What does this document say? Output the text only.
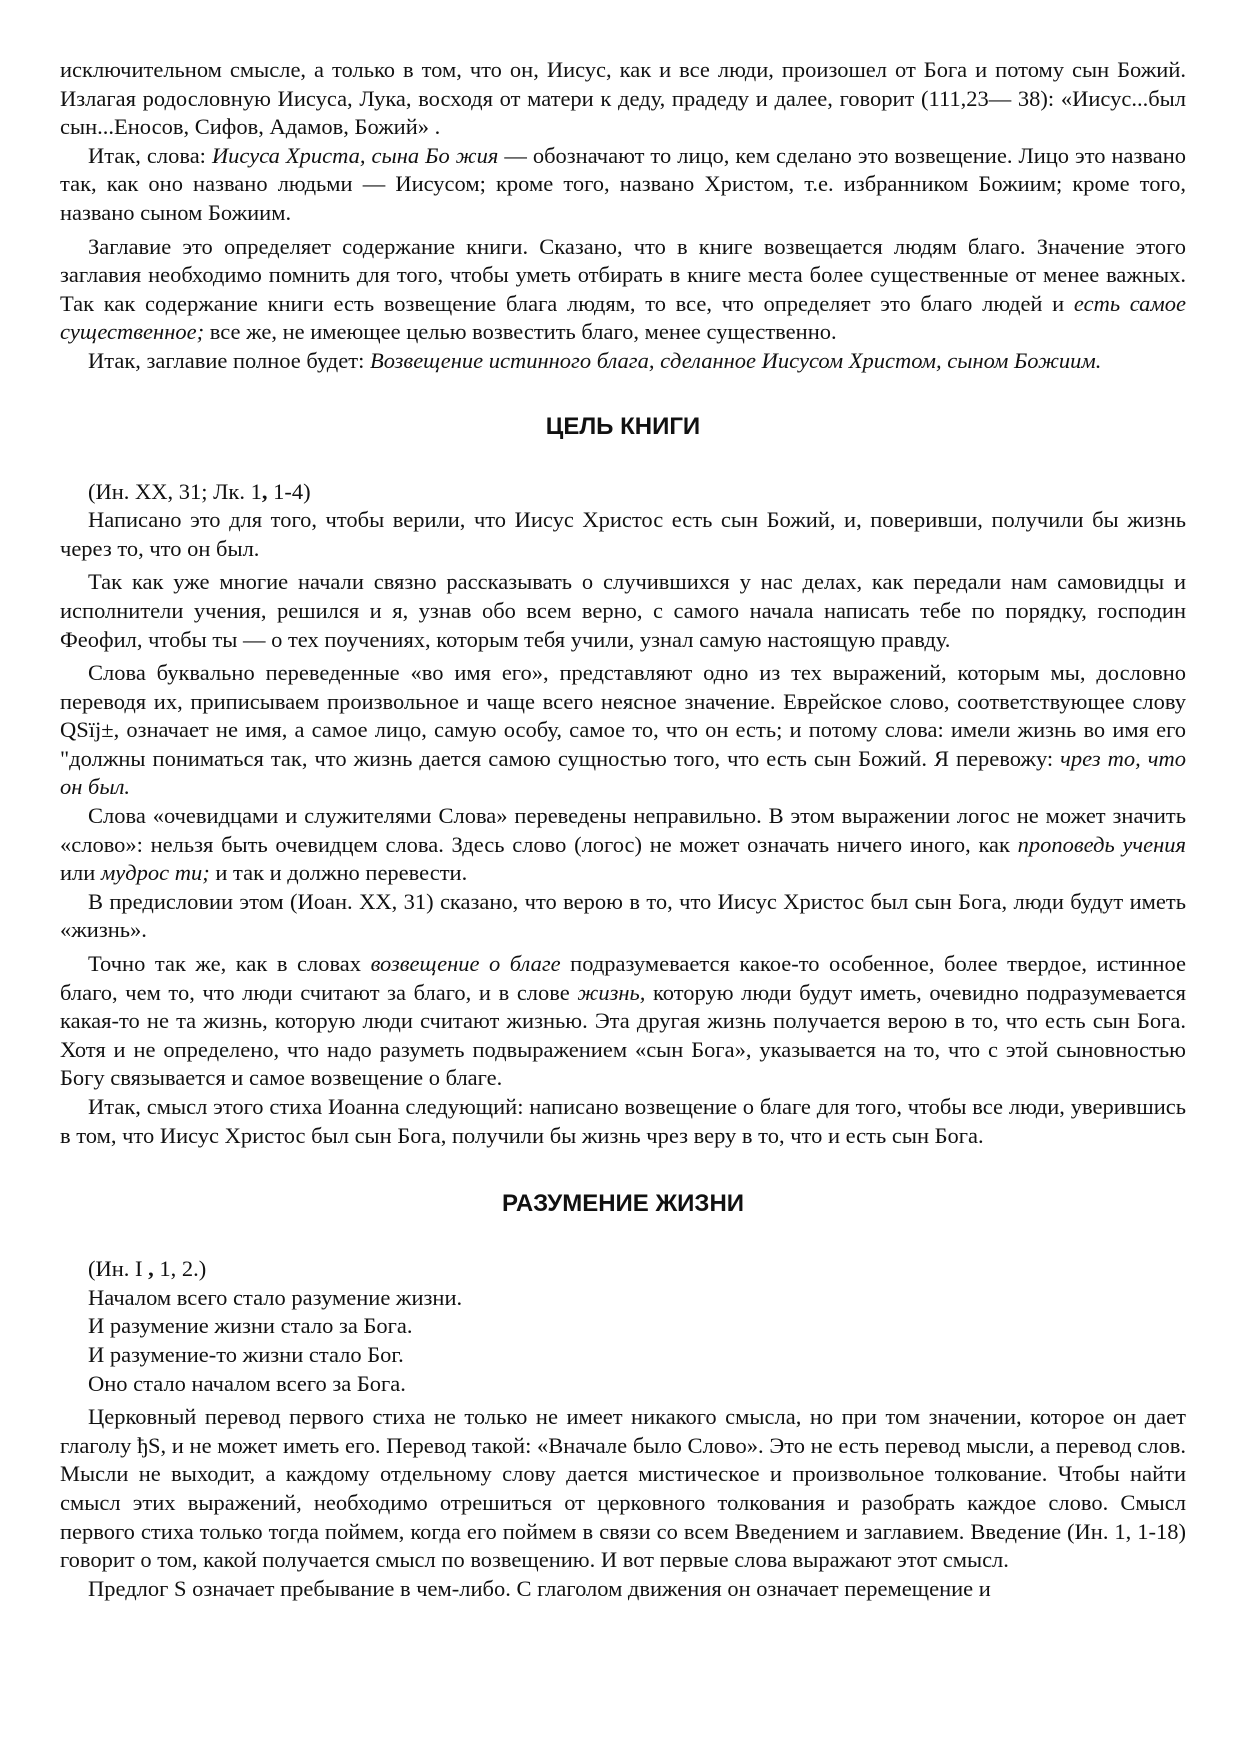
исключительном смысле, а только в том, что он, Иисус, как и все люди, произошел от Бога и потому сын Божий. Излагая родословную Иисуса, Лука, восходя от матери к деду, прадеду и далее, говорит (111,23— 38): «Иисус...был сын...Еносов, Сифов, Адамов, Божий» .

Итак, слова: Иисуса Христа, сына Бо жия — обозначают то лицо, кем сделано это возвещение. Лицо это названо так, как оно названо людьми — Иисусом; кроме того, названо Христом, т.е. избранником Божиим; кроме того, названо сыном Божиим.

Заглавие это определяет содержание книги. Сказано, что в книге возвещается людям благо. Значение этого заглавия необходимо помнить для того, чтобы уметь отбирать в книге места более существенные от менее важных. Так как содержание книги есть возвещение блага людям, то все, что определяет это благо людей и есть самое существенное; все же, не имеющее целью возвестить благо, менее существенно.

Итак, заглавие полное будет: Возвещение истинного блага, сделанное Иисусом Христом, сыном Божиим.

ЦЕЛЬ КНИГИ

(Ин. XX, 31; Лк. 1, 1-4)

Написано это для того, чтобы верили, что Иисус Христос есть сын Божий, и, поверивши, получили бы жизнь через то, что он был.

Так как уже многие начали связно рассказывать о случившихся у нас делах, как передали нам самовидцы и исполнители учения, решился и я, узнав обо всем верно, с самого начала написать тебе по порядку, господин Феофил, чтобы ты — о тех поучениях, которым тебя учили, узнал самую настоящую правду.

Слова буквально переведенные «во имя его», представляют одно из тех выражений, которым мы, дословно переводя их, приписываем произвольное и чаще всего неясное значение. Еврейское слово, соответствующее слову QSïj±, означает не имя, а самое лицо, самую особу, самое то, что он есть; и потому слова: имели жизнь во имя его "должны пониматься так, что жизнь дается самою сущностью того, что есть сын Божий. Я перевожу: чрез то, что он был.

Слова «очевидцами и служителями Слова» переведены неправильно. В этом выражении логос не может значить «слово»: нельзя быть очевидцем слова. Здесь слово (логос) не может означать ничего иного, как проповедь учения или мудрос ти; и так и должно перевести.

В предисловии этом (Иоан. XX, 31) сказано, что верою в то, что Иисус Христос был сын Бога, люди будут иметь «жизнь».

Точно так же, как в словах возвещение о благе подразумевается какое-то особенное, более твердое, истинное благо, чем то, что люди считают за благо, и в слове жизнь, которую люди будут иметь, очевидно подразумевается какая-то не та жизнь, которую люди считают жизнью. Эта другая жизнь получается верою в то, что есть сын Бога. Хотя и не определено, что надо разуметь подвыражением «сын Бога», указывается на то, что с этой сыновностью Богу связывается и самое возвещение о благе.

Итак, смысл этого стиха Иоанна следующий: написано возвещение о благе для того, чтобы все люди, уверившись в том, что Иисус Христос был сын Бога, получили бы жизнь чрез веру в то, что и есть сын Бога.

РАЗУМЕНИЕ ЖИЗНИ

(Ин. I , 1, 2.)

Началом всего стало разумение жизни.

И разумение жизни стало за Бога.

И разумение-то жизни стало Бог.

Оно стало началом всего за Бога.

Церковный перевод первого стиха не только не имеет никакого смысла, но при том значении, которое он дает глаголу ђS, и не может иметь его. Перевод такой: «Вначале было Слово». Это не есть перевод мысли, а перевод слов. Мысли не выходит, а каждому отдельному слову дается мистическое и произвольное толкование. Чтобы найти смысл этих выражений, необходимо отрешиться от церковного толкования и разобрать каждое слово. Смысл первого стиха только тогда поймем, когда его поймем в связи со всем Введением и заглавием. Введение (Ин. 1, 1-18) говорит о том, какой получается смысл по возвещению. И вот первые слова выражают этот смысл.

Предлог S означает пребывание в чем-либо. С глаголом движения он означает перемещение и
